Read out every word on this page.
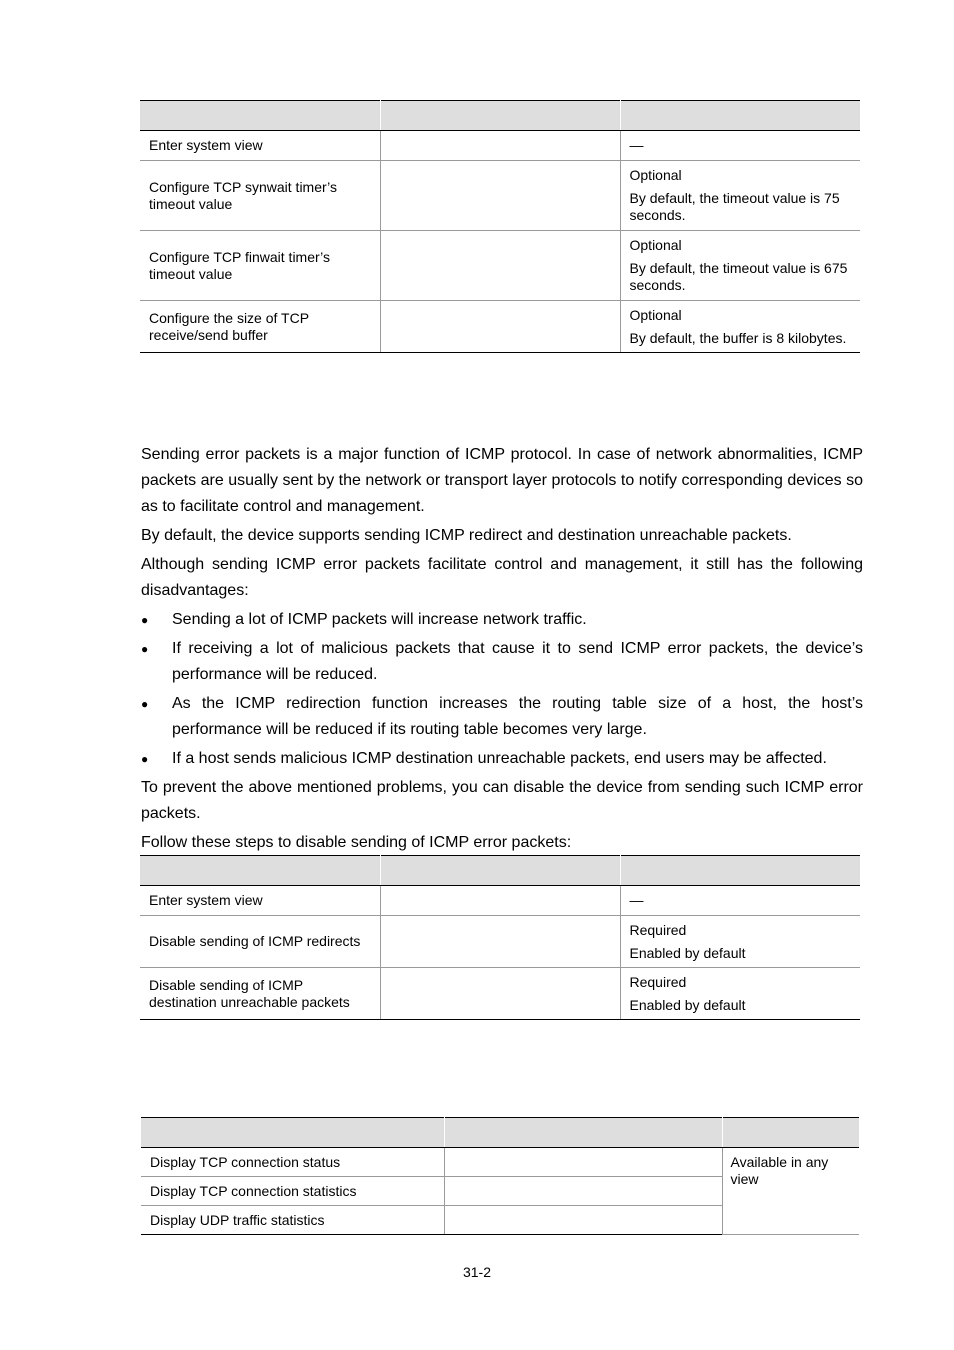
Enter system view		—

Configure TCP synwait timer’s timeout value		Optional

By default, the timeout value is 75 seconds.

Configure TCP finwait timer’s timeout value		Optional

By default, the timeout value is 675 seconds.

Configure the size of TCP receive/send buffer		Optional

By default, the buffer is 8 kilobytes.

Sending error packets is a major function of ICMP protocol. In case of network abnormalities, ICMP packets are usually sent by the network or transport layer protocols to notify corresponding devices so as to facilitate control and management.

By default, the device supports sending ICMP redirect and destination unreachable packets.

Although sending ICMP error packets facilitate control and management, it still has the following disadvantages:

● Sending a lot of ICMP packets will increase network traffic.
● If receiving a lot of malicious packets that cause it to send ICMP error packets, the device’s performance will be reduced.
● As the ICMP redirection function increases the routing table size of a host, the host’s performance will be reduced if its routing table becomes very large.
● If a host sends malicious ICMP destination unreachable packets, end users may be affected.

To prevent the above mentioned problems, you can disable the device from sending such ICMP error packets.

Follow these steps to disable sending of ICMP error packets:

Enter system view		—

Disable sending of ICMP redirects		Required

Enabled by default

Disable sending of ICMP destination unreachable packets		Required

Enabled by default

Display TCP connection status		Available in any view
Display TCP connection statistics		
Display UDP traffic statistics		
31-2
